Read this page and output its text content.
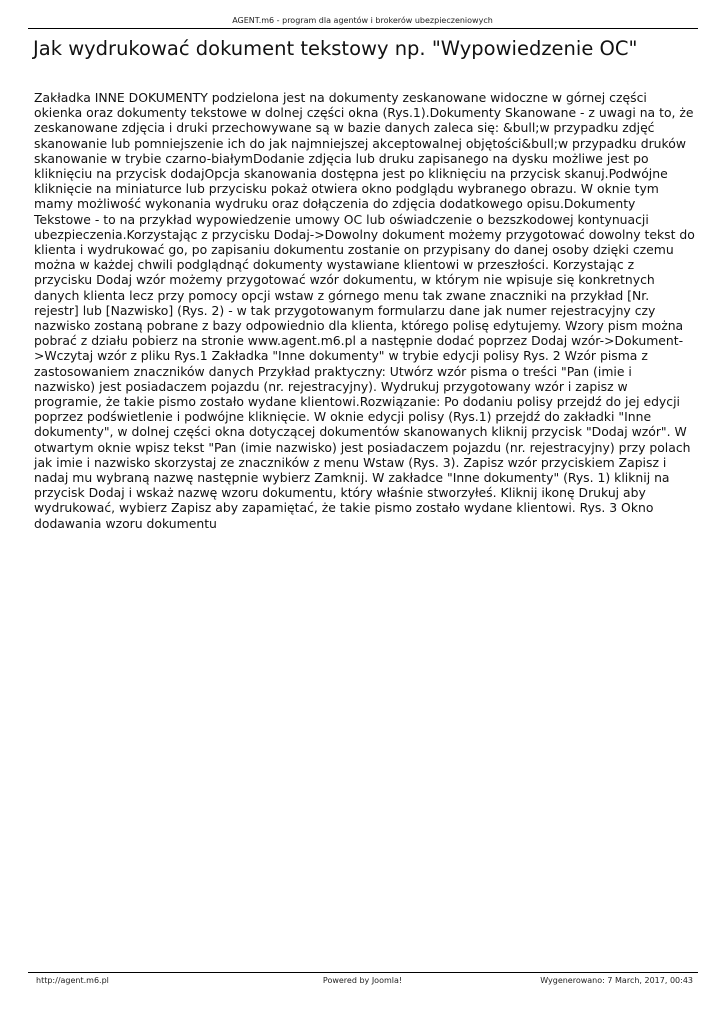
AGENT.m6 - program dla agentów i brokerów ubezpieczeniowych
Jak wydrukować dokument tekstowy np. "Wypowiedzenie OC"

Zakładka INNE DOKUMENTY podzielona jest na dokumenty zeskanowane widoczne w górnej części okienka oraz dokumenty tekstowe w dolnej części okna (Rys.1).Dokumenty Skanowane - z uwagi na to, że zeskanowane zdjęcia i druki przechowywane są w bazie danych zaleca się: &bull;w przypadku zdjęć skanowanie lub pomniejszenie ich do jak najmniejszej akceptowalnej objętości&bull;w przypadku druków skanowanie w trybie czarno-białymDodanie zdjęcia lub druku zapisanego na dysku możliwe jest po kliknięciu na przycisk dodajOpcja skanowania dostępna jest po kliknięciu na przycisk skanuj.Podwójne kliknięcie na miniaturce lub przycisku pokaż otwiera okno podglądu wybranego obrazu. W oknie tym mamy możliwość wykonania wydruku oraz dołączenia do zdjęcia dodatkowego opisu.Dokumenty Tekstowe - to na przykład wypowiedzenie umowy OC lub oświadczenie o bezszkodowej kontynuacji ubezpieczenia.Korzystając z przycisku Dodaj->Dowolny dokument możemy przygotować dowolny tekst do klienta i wydrukować go, po zapisaniu dokumentu zostanie on przypisany do danej osoby dzięki czemu można w każdej chwili podglądnąć dokumenty wystawiane klientowi w przeszłości. Korzystając z przycisku Dodaj wzór możemy przygotować wzór dokumentu, w którym nie wpisuje się konkretnych danych klienta lecz przy pomocy opcji wstaw z górnego menu tak zwane znaczniki na przykład [Nr. rejestr] lub [Nazwisko] (Rys. 2) - w tak przygotowanym formularzu dane jak numer rejestracyjny czy nazwisko zostaną pobrane z bazy odpowiednio dla klienta, którego polisę edytujemy. Wzory pism można pobrać z działu pobierz na stronie www.agent.m6.pl a następnie dodać poprzez Dodaj wzór->Dokument->Wczytaj wzór z pliku Rys.1 Zakładka "Inne dokumenty" w trybie edycji polisy Rys. 2 Wzór pisma z zastosowaniem znaczników danych Przykład praktyczny: Utwórz wzór pisma o treści "Pan (imie i nazwisko) jest posiadaczem pojazdu (nr. rejestracyjny). Wydrukuj przygotowany wzór i zapisz w programie, że takie pismo zostało wydane klientowi.Rozwiązanie: Po dodaniu polisy przejdź do jej edycji poprzez podświetlenie i podwójne kliknięcie. W oknie edycji polisy (Rys.1) przejdź do zakładki "Inne dokumenty", w dolnej części okna dotyczącej dokumentów skanowanych kliknij przycisk "Dodaj wzór". W otwartym oknie wpisz tekst "Pan (imie nazwisko) jest posiadaczem pojazdu (nr. rejestracyjny) przy polach jak imie i nazwisko skorzystaj ze znaczników z menu Wstaw (Rys. 3). Zapisz wzór przyciskiem Zapisz i nadaj mu wybraną nazwę następnie wybierz Zamknij. W zakładce "Inne dokumenty" (Rys. 1) kliknij na przycisk Dodaj i wskaż nazwę wzoru dokumentu, który właśnie stworzyłeś. Kliknij ikonę Drukuj aby wydrukować, wybierz Zapisz aby zapamiętać, że takie pismo zostało wydane klientowi. Rys. 3 Okno dodawania wzoru dokumentu

http://agent.m6.pl	Powered by Joomla!	Wygenerowano: 7 March, 2017, 00:43
